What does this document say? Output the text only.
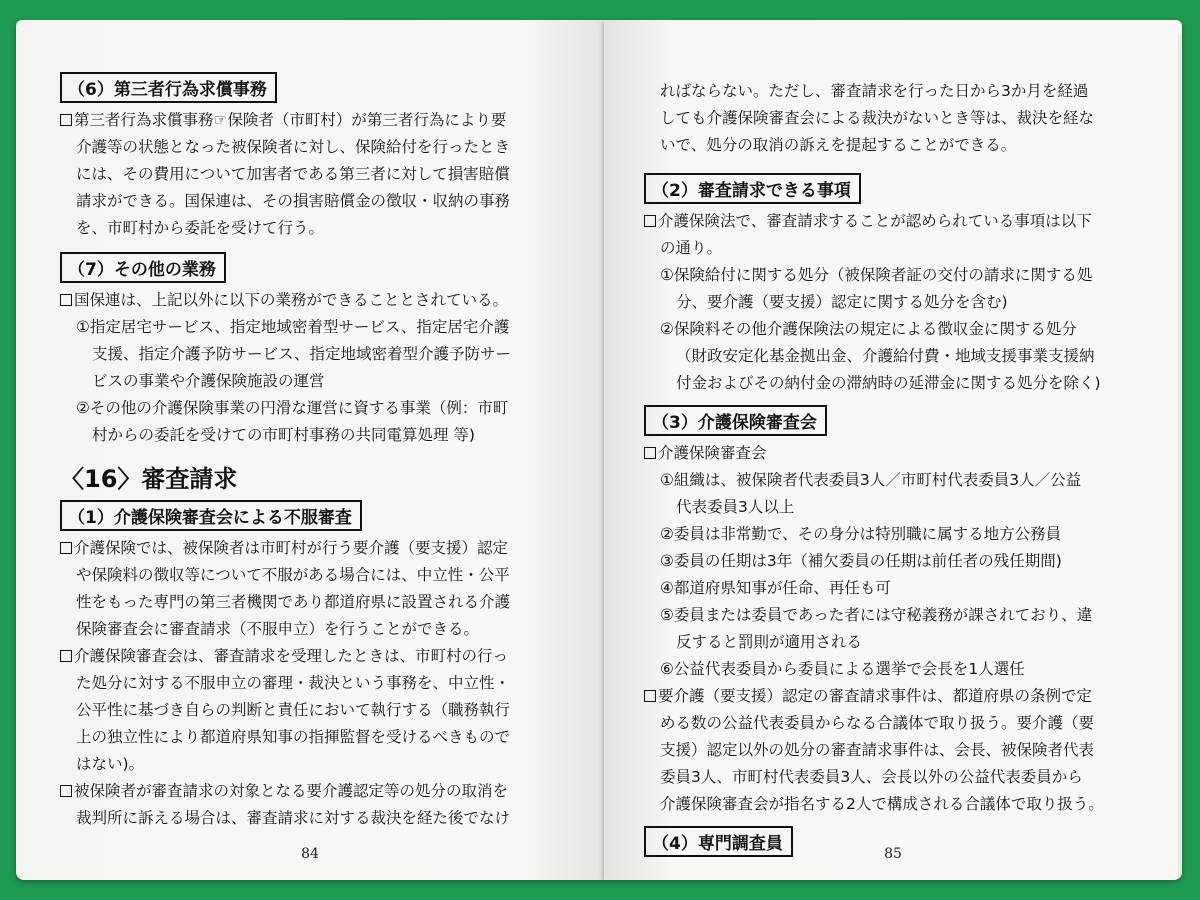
（6）第三者行為求償事務

第三者行為求償事務☞保険者（市町村）が第三者行為により要

介護等の状態となった被保険者に対し、保険給付を行ったとき

には、その費用について加害者である第三者に対して損害賠償

請求ができる。国保連は、その損害賠償金の徴収・収納の事務

を、市町村から委託を受けて行う。

（7）その他の業務

国保連は、上記以外に以下の業務ができることとされている。

①指定居宅サービス、指定地域密着型サービス、指定居宅介護

支援、指定介護予防サービス、指定地域密着型介護予防サー

ビスの事業や介護保険施設の運営

②その他の介護保険事業の円滑な運営に資する事業（例：市町

村からの委託を受けての市町村事務の共同電算処理 等)

〈16〉審査請求
（1）介護保険審査会による不服審査

介護保険では、被保険者は市町村が行う要介護（要支援）認定

や保険料の徴収等について不服がある場合には、中立性・公平

性をもった専門の第三者機関であり都道府県に設置される介護

保険審査会に審査請求（不服申立）を行うことができる。

介護保険審査会は、審査請求を受理したときは、市町村の行っ

た処分に対する不服申立の審理・裁決という事務を、中立性・

公平性に基づき自らの判断と責任において執行する（職務執行

上の独立性により都道府県知事の指揮監督を受けるべきもので

はない)。

被保険者が審査請求の対象となる要介護認定等の処分の取消を

裁判所に訴える場合は、審査請求に対する裁決を経た後でなけ

84

ればならない。ただし、審査請求を行った日から3か月を経過

しても介護保険審査会による裁決がないとき等は、裁決を経な

いで、処分の取消の訴えを提起することができる。

（2）審査請求できる事項

介護保険法で、審査請求することが認められている事項は以下

の通り。

①保険給付に関する処分（被保険者証の交付の請求に関する処

分、要介護（要支援）認定に関する処分を含む)

②保険料その他介護保険法の規定による徴収金に関する処分

（財政安定化基金拠出金、介護給付費・地域支援事業支援納

付金およびその納付金の滞納時の延滞金に関する処分を除く)

（3）介護保険審査会

介護保険審査会

①組織は、被保険者代表委員3人／市町村代表委員3人／公益

代表委員3人以上

②委員は非常勤で、その身分は特別職に属する地方公務員

③委員の任期は3年（補欠委員の任期は前任者の残任期間)

④都道府県知事が任命、再任も可

⑤委員または委員であった者には守秘義務が課されており、違

反すると罰則が適用される

⑥公益代表委員から委員による選挙で会長を1人選任

要介護（要支援）認定の審査請求事件は、都道府県の条例で定

める数の公益代表委員からなる合議体で取り扱う。要介護（要

支援）認定以外の処分の審査請求事件は、会長、被保険者代表

委員3人、市町村代表委員3人、会長以外の公益代表委員から

介護保険審査会が指名する2人で構成される合議体で取り扱う。

（4）専門調査員	85
